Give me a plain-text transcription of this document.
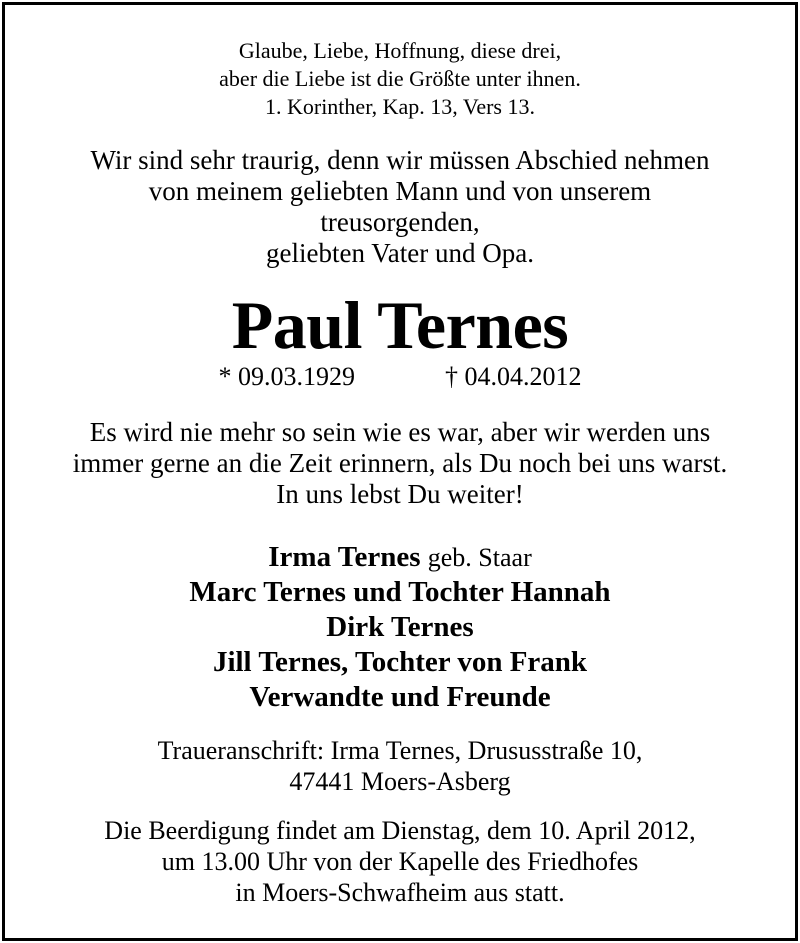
Glaube, Liebe, Hoffnung, diese drei,
aber die Liebe ist die Größte unter ihnen.
1. Korinther, Kap. 13, Vers 13.
Wir sind sehr traurig, denn wir müssen Abschied nehmen
von meinem geliebten Mann und von unserem
treusorgenden,
geliebten Vater und Opa.
Paul Ternes
* 09.03.1929	† 04.04.2012
Es wird nie mehr so sein wie es war, aber wir werden uns
immer gerne an die Zeit erinnern, als Du noch bei uns warst.
In uns lebst Du weiter!
Irma Ternes geb. Staar
Marc Ternes und Tochter Hannah
Dirk Ternes
Jill Ternes, Tochter von Frank
Verwandte und Freunde
Traueranschrift: Irma Ternes, Drususstraße 10,
47441 Moers-Asberg
Die Beerdigung findet am Dienstag, dem 10. April 2012,
um 13.00 Uhr von der Kapelle des Friedhofes
in Moers-Schwafheim aus statt.
